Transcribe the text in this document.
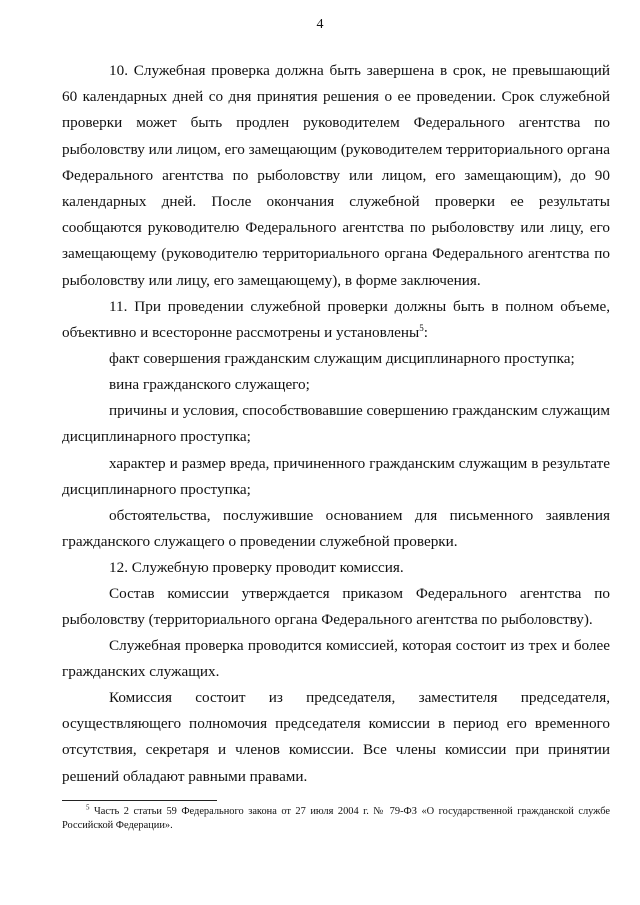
4

10. Служебная проверка должна быть завершена в срок, не превышающий 60 календарных дней со дня принятия решения о ее проведении. Срок служебной проверки может быть продлен руководителем Федерального агентства по рыболовству или лицом, его замещающим (руководителем территориального органа Федерального агентства по рыболовству или лицом, его замещающим), до 90 календарных дней. После окончания служебной проверки ее результаты сообщаются руководителю Федерального агентства по рыболовству или лицу, его замещающему (руководителю территориального органа Федерального агентства по рыболовству или лицу, его замещающему), в форме заключения.

11. При проведении служебной проверки должны быть в полном объеме, объективно и всесторонне рассмотрены и установлены$^5$:

факт совершения гражданским служащим дисциплинарного проступка;

вина гражданского служащего;

причины и условия, способствовавшие совершению гражданским служащим дисциплинарного проступка;

характер и размер вреда, причиненного гражданским служащим в результате дисциплинарного проступка;

обстоятельства, послужившие основанием для письменного заявления гражданского служащего о проведении служебной проверки.

12. Служебную проверку проводит комиссия.

Состав комиссии утверждается приказом Федерального агентства по рыболовству (территориального органа Федерального агентства по рыболовству).

Служебная проверка проводится комиссией, которая состоит из трех и более гражданских служащих.

Комиссия состоит из председателя, заместителя председателя, осуществляющего полномочия председателя комиссии в период его временного отсутствия, секретаря и членов комиссии. Все члены комиссии при принятии решений обладают равными правами.

$^5$ Часть 2 статьи 59 Федерального закона от 27 июля 2004 г. № 79-ФЗ «О государственной гражданской службе Российской Федерации».
